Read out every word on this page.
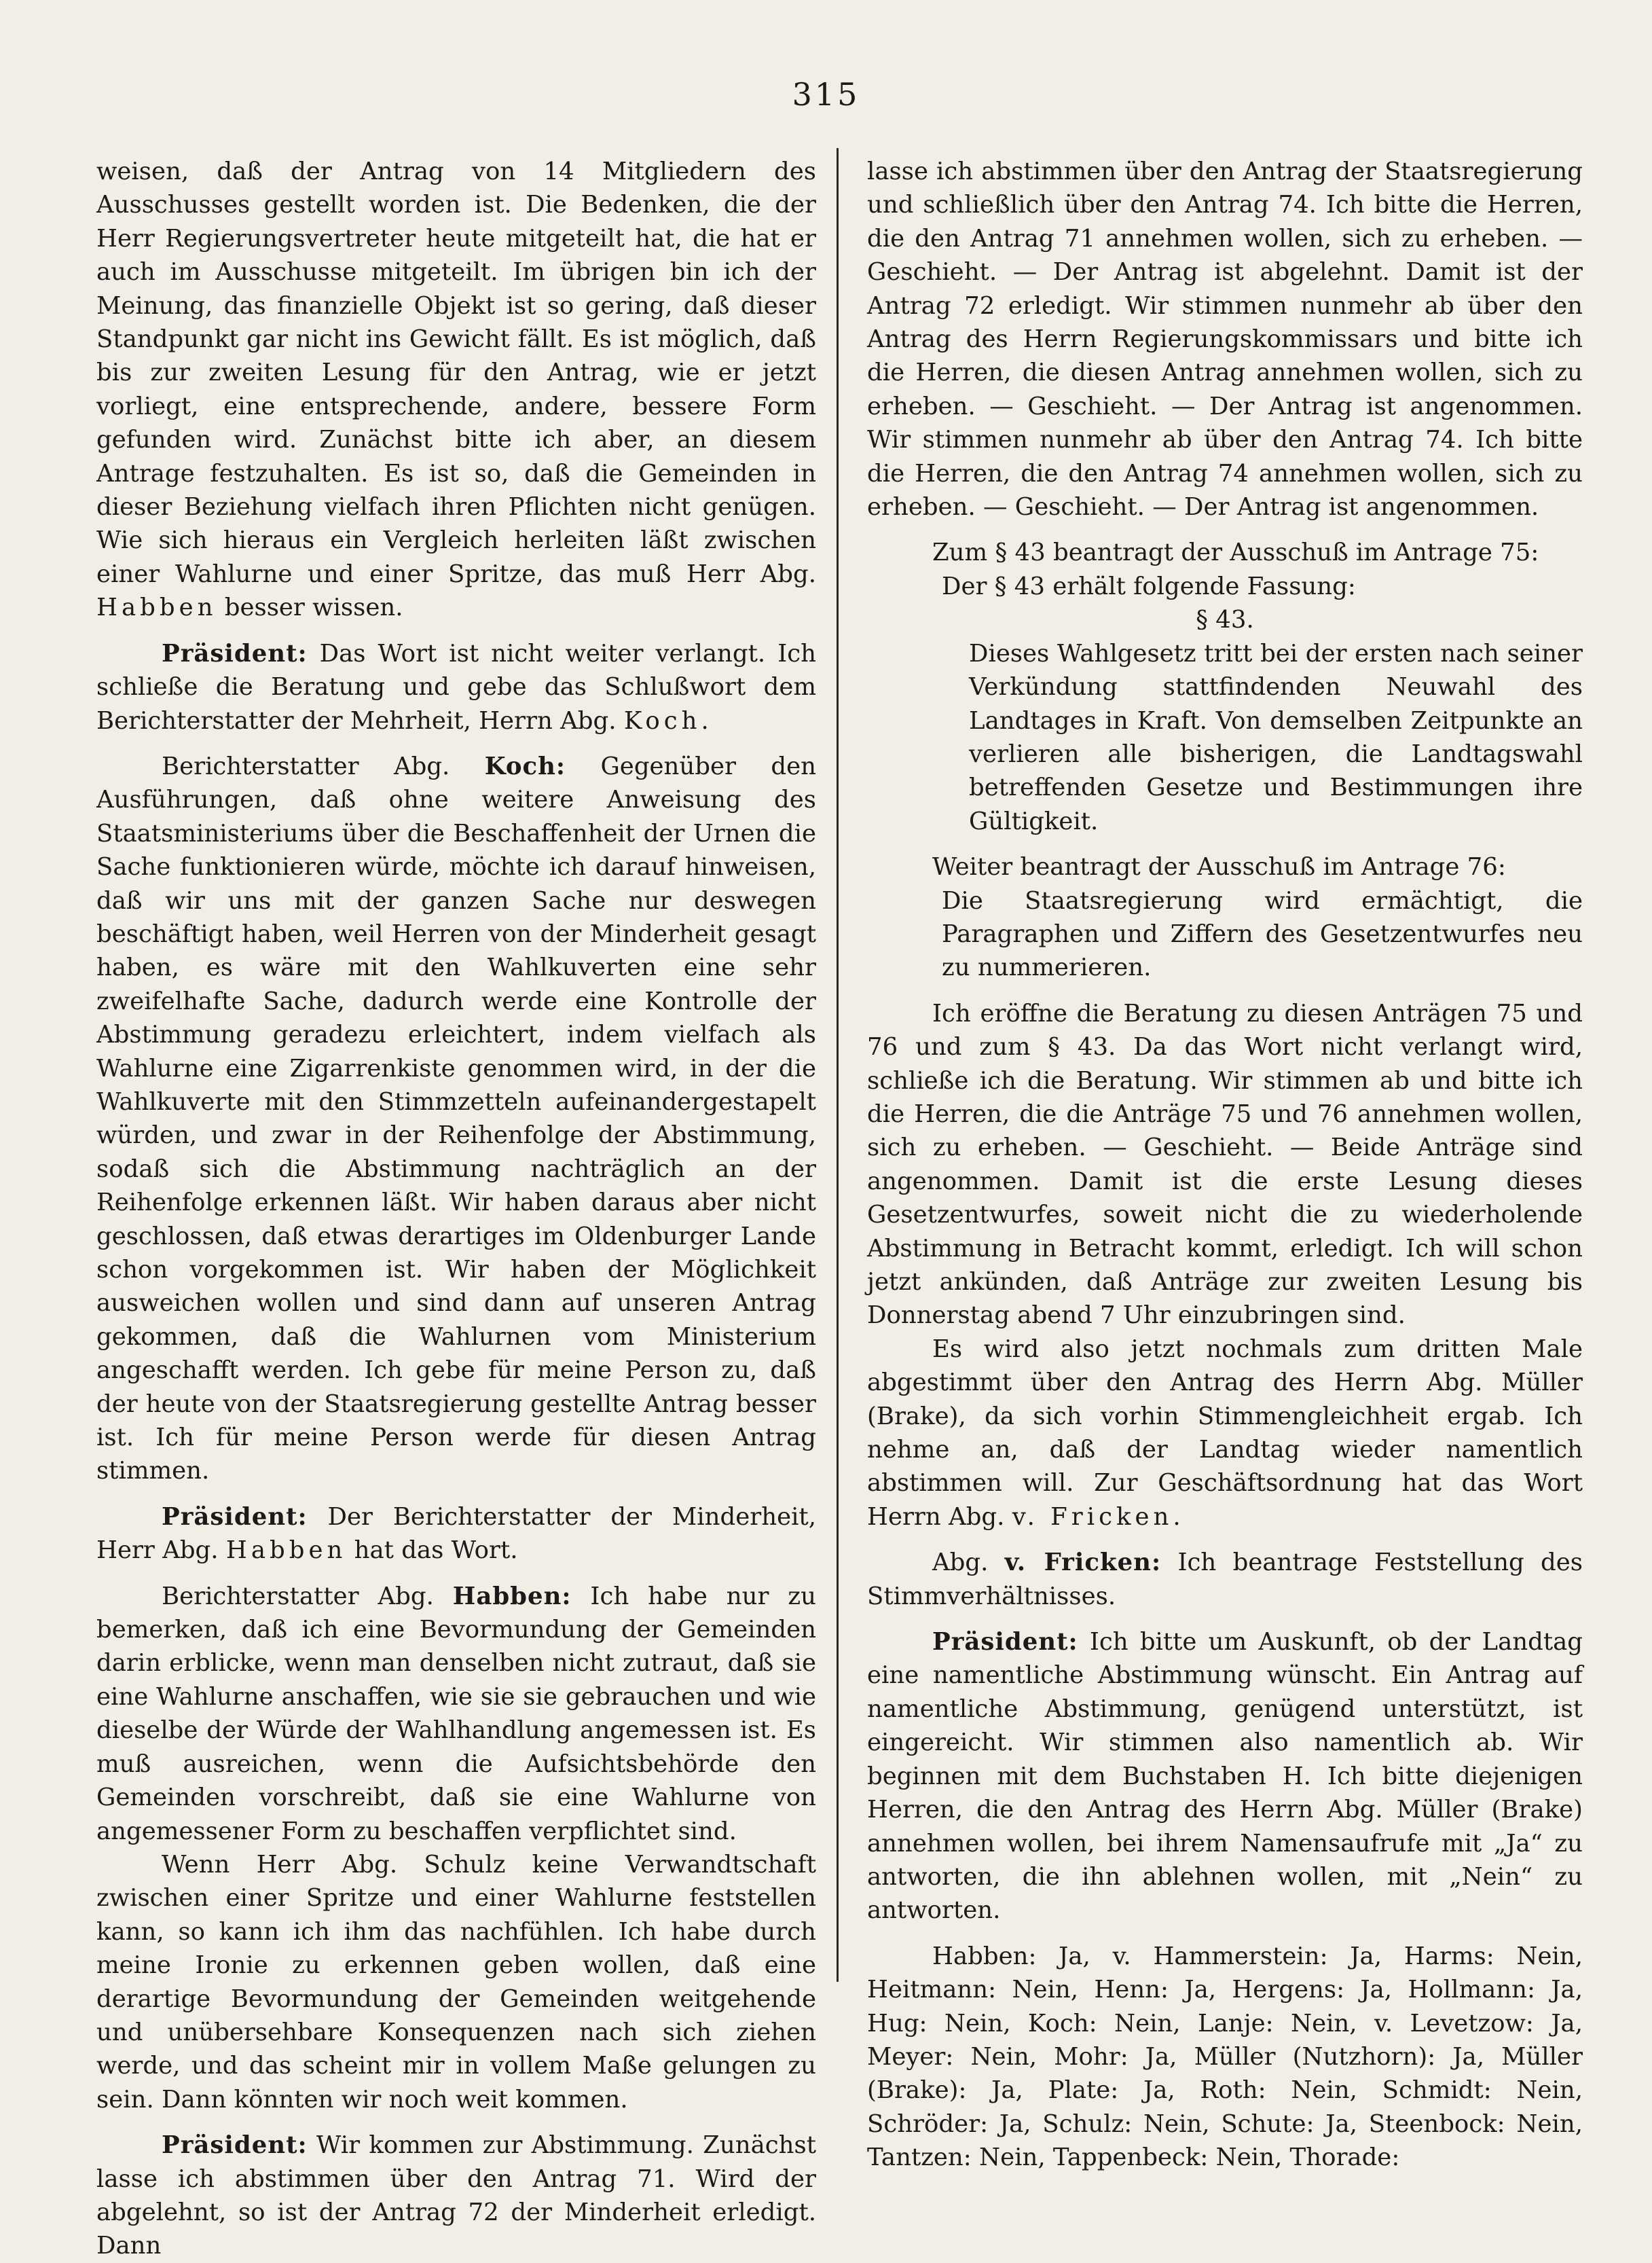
315

weisen, daß der Antrag von 14 Mitgliedern des Ausschusses gestellt worden ist. Die Bedenken, die der Herr Regierungsvertreter heute mitgeteilt hat, die hat er auch im Ausschusse mitgeteilt. Im übrigen bin ich der Meinung, das finanzielle Objekt ist so gering, daß dieser Standpunkt gar nicht ins Gewicht fällt. Es ist möglich, daß bis zur zweiten Lesung für den Antrag, wie er jetzt vorliegt, eine entsprechende, andere, bessere Form gefunden wird. Zunächst bitte ich aber, an diesem Antrage festzuhalten. Es ist so, daß die Gemeinden in dieser Beziehung vielfach ihren Pflichten nicht genügen. Wie sich hieraus ein Vergleich herleiten läßt zwischen einer Wahlurne und einer Spritze, das muß Herr Abg. Habben besser wissen.

Präsident: Das Wort ist nicht weiter verlangt. Ich schließe die Beratung und gebe das Schlußwort dem Berichterstatter der Mehrheit, Herrn Abg. Koch.

Berichterstatter Abg. Koch: Gegenüber den Ausführungen, daß ohne weitere Anweisung des Staatsministeriums über die Beschaffenheit der Urnen die Sache funktionieren würde, möchte ich darauf hinweisen, daß wir uns mit der ganzen Sache nur deswegen beschäftigt haben, weil Herren von der Minderheit gesagt haben, es wäre mit den Wahlkuverten eine sehr zweifelhafte Sache, dadurch werde eine Kontrolle der Abstimmung geradezu erleichtert, indem vielfach als Wahlurne eine Zigarrenkiste genommen wird, in der die Wahlkuverte mit den Stimmzetteln aufeinandergestapelt würden, und zwar in der Reihenfolge der Abstimmung, sodaß sich die Abstimmung nachträglich an der Reihenfolge erkennen läßt. Wir haben daraus aber nicht geschlossen, daß etwas derartiges im Oldenburger Lande schon vorgekommen ist. Wir haben der Möglichkeit ausweichen wollen und sind dann auf unseren Antrag gekommen, daß die Wahlurnen vom Ministerium angeschafft werden. Ich gebe für meine Person zu, daß der heute von der Staatsregierung gestellte Antrag besser ist. Ich für meine Person werde für diesen Antrag stimmen.

Präsident: Der Berichterstatter der Minderheit, Herr Abg. Habben hat das Wort.

Berichterstatter Abg. Habben: Ich habe nur zu bemerken, daß ich eine Bevormundung der Gemeinden darin erblicke, wenn man denselben nicht zutraut, daß sie eine Wahlurne anschaffen, wie sie sie gebrauchen und wie dieselbe der Würde der Wahlhandlung angemessen ist. Es muß ausreichen, wenn die Aufsichtsbehörde den Gemeinden vorschreibt, daß sie eine Wahlurne von angemessener Form zu beschaffen verpflichtet sind.

Wenn Herr Abg. Schulz keine Verwandtschaft zwischen einer Spritze und einer Wahlurne feststellen kann, so kann ich ihm das nachfühlen. Ich habe durch meine Ironie zu erkennen geben wollen, daß eine derartige Bevormundung der Gemeinden weitgehende und unübersehbare Konsequenzen nach sich ziehen werde, und das scheint mir in vollem Maße gelungen zu sein. Dann könnten wir noch weit kommen.

Präsident: Wir kommen zur Abstimmung. Zunächst lasse ich abstimmen über den Antrag 71. Wird der abgelehnt, so ist der Antrag 72 der Minderheit erledigt. Dann

lasse ich abstimmen über den Antrag der Staatsregierung und schließlich über den Antrag 74. Ich bitte die Herren, die den Antrag 71 annehmen wollen, sich zu erheben. — Geschieht. — Der Antrag ist abgelehnt. Damit ist der Antrag 72 erledigt. Wir stimmen nunmehr ab über den Antrag des Herrn Regierungskommissars und bitte ich die Herren, die diesen Antrag annehmen wollen, sich zu erheben. — Geschieht. — Der Antrag ist angenommen. Wir stimmen nunmehr ab über den Antrag 74. Ich bitte die Herren, die den Antrag 74 annehmen wollen, sich zu erheben. — Geschieht. — Der Antrag ist angenommen.

Zum § 43 beantragt der Ausschuß im Antrage 75:

Der § 43 erhält folgende Fassung:

§ 43.

Dieses Wahlgesetz tritt bei der ersten nach seiner Verkündung stattfindenden Neuwahl des Landtages in Kraft. Von demselben Zeitpunkte an verlieren alle bisherigen, die Landtagswahl betreffenden Gesetze und Bestimmungen ihre Gültigkeit.

Weiter beantragt der Ausschuß im Antrage 76:

Die Staatsregierung wird ermächtigt, die Paragraphen und Ziffern des Gesetzentwurfes neu zu nummerieren.

Ich eröffne die Beratung zu diesen Anträgen 75 und 76 und zum § 43. Da das Wort nicht verlangt wird, schließe ich die Beratung. Wir stimmen ab und bitte ich die Herren, die die Anträge 75 und 76 annehmen wollen, sich zu erheben. — Geschieht. — Beide Anträge sind angenommen. Damit ist die erste Lesung dieses Gesetzentwurfes, soweit nicht die zu wiederholende Abstimmung in Betracht kommt, erledigt. Ich will schon jetzt ankünden, daß Anträge zur zweiten Lesung bis Donnerstag abend 7 Uhr einzubringen sind.

Es wird also jetzt nochmals zum dritten Male abgestimmt über den Antrag des Herrn Abg. Müller (Brake), da sich vorhin Stimmengleichheit ergab. Ich nehme an, daß der Landtag wieder namentlich abstimmen will. Zur Geschäftsordnung hat das Wort Herrn Abg. v. Fricken.

Abg. v. Fricken: Ich beantrage Feststellung des Stimmverhältnisses.

Präsident: Ich bitte um Auskunft, ob der Landtag eine namentliche Abstimmung wünscht. Ein Antrag auf namentliche Abstimmung, genügend unterstützt, ist eingereicht. Wir stimmen also namentlich ab. Wir beginnen mit dem Buchstaben H. Ich bitte diejenigen Herren, die den Antrag des Herrn Abg. Müller (Brake) annehmen wollen, bei ihrem Namensaufrufe mit „Ja“ zu antworten, die ihn ablehnen wollen, mit „Nein“ zu antworten.

Habben: Ja, v. Hammerstein: Ja, Harms: Nein, Heitmann: Nein, Henn: Ja, Hergens: Ja, Hollmann: Ja, Hug: Nein, Koch: Nein, Lanje: Nein, v. Levetzow: Ja, Meyer: Nein, Mohr: Ja, Müller (Nutzhorn): Ja, Müller (Brake): Ja, Plate: Ja, Roth: Nein, Schmidt: Nein, Schröder: Ja, Schulz: Nein, Schute: Ja, Steenbock: Nein, Tantzen: Nein, Tappenbeck: Nein, Thorade:
